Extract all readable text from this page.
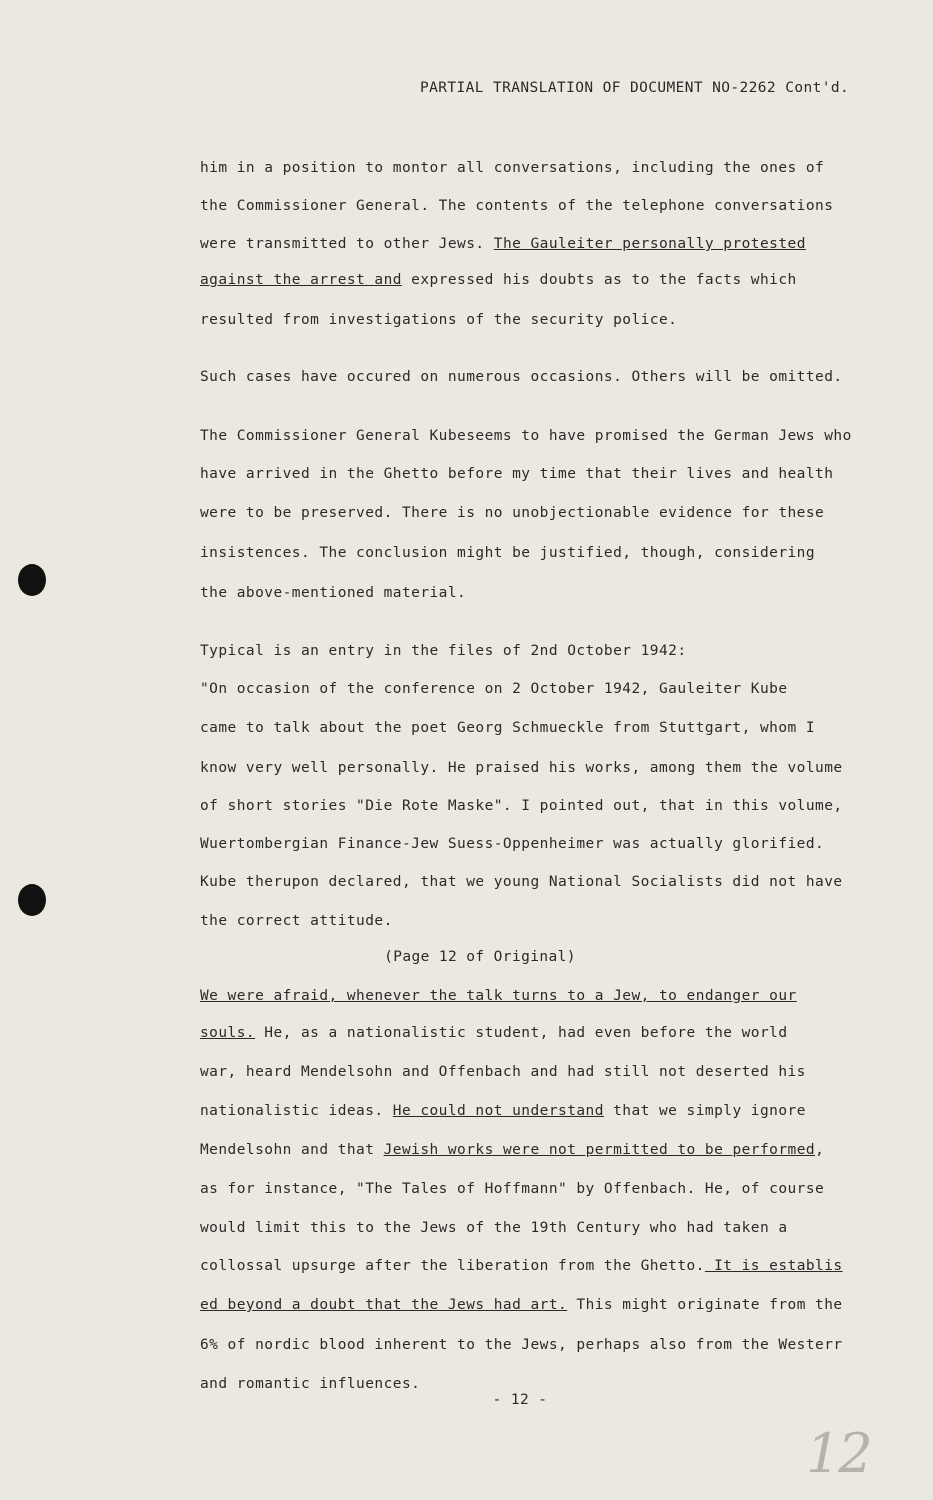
PARTIAL TRANSLATION OF DOCUMENT NO-2262 Cont'd.
him in a position to montor all conversations, including the ones of
the Commissioner General. The contents of the telephone conversations
were transmitted to other Jews. The Gauleiter personally protested
against the arrest and expressed his doubts as to the facts which
resulted from investigations of the security police.
Such cases have occured on numerous occasions. Others will be omitted.
The Commissioner General Kubeseems to have promised the German Jews who
have arrived in the Ghetto before my time that their lives and health
were to be preserved. There is no unobjectionable evidence for these
insistences. The conclusion might be justified, though, considering
the above-mentioned material.
Typical is an entry in the files of 2nd October 1942:
"On occasion of the conference on 2 October 1942, Gauleiter Kube
came to talk about the poet Georg Schmueckle from Stuttgart, whom I
know very well personally. He praised his works, among them the volume
of short stories "Die Rote Maske". I pointed out, that in this volume,
Wuertombergian Finance-Jew Suess-Oppenheimer was actually glorified.
Kube therupon declared, that we young National Socialists did not have
the correct attitude.
(Page 12 of Original)
We were afraid, whenever the talk turns to a Jew, to endanger our
souls. He, as a nationalistic student, had even before the world
war, heard Mendelsohn and Offenbach and had still not deserted his
nationalistic ideas. He could not understand that we simply ignore
Mendelsohn and that Jewish works were not permitted to be performed,
as for instance, "The Tales of Hoffmann" by Offenbach. He, of course
would limit this to the Jews of the 19th Century who had taken a
collossal upsurge after the liberation from the Ghetto. It is establis
ed beyond a doubt that the Jews had art. This might originate from the
6% of nordic blood inherent to the Jews, perhaps also from the Westerr
and romantic influences.
- 12 -
12
